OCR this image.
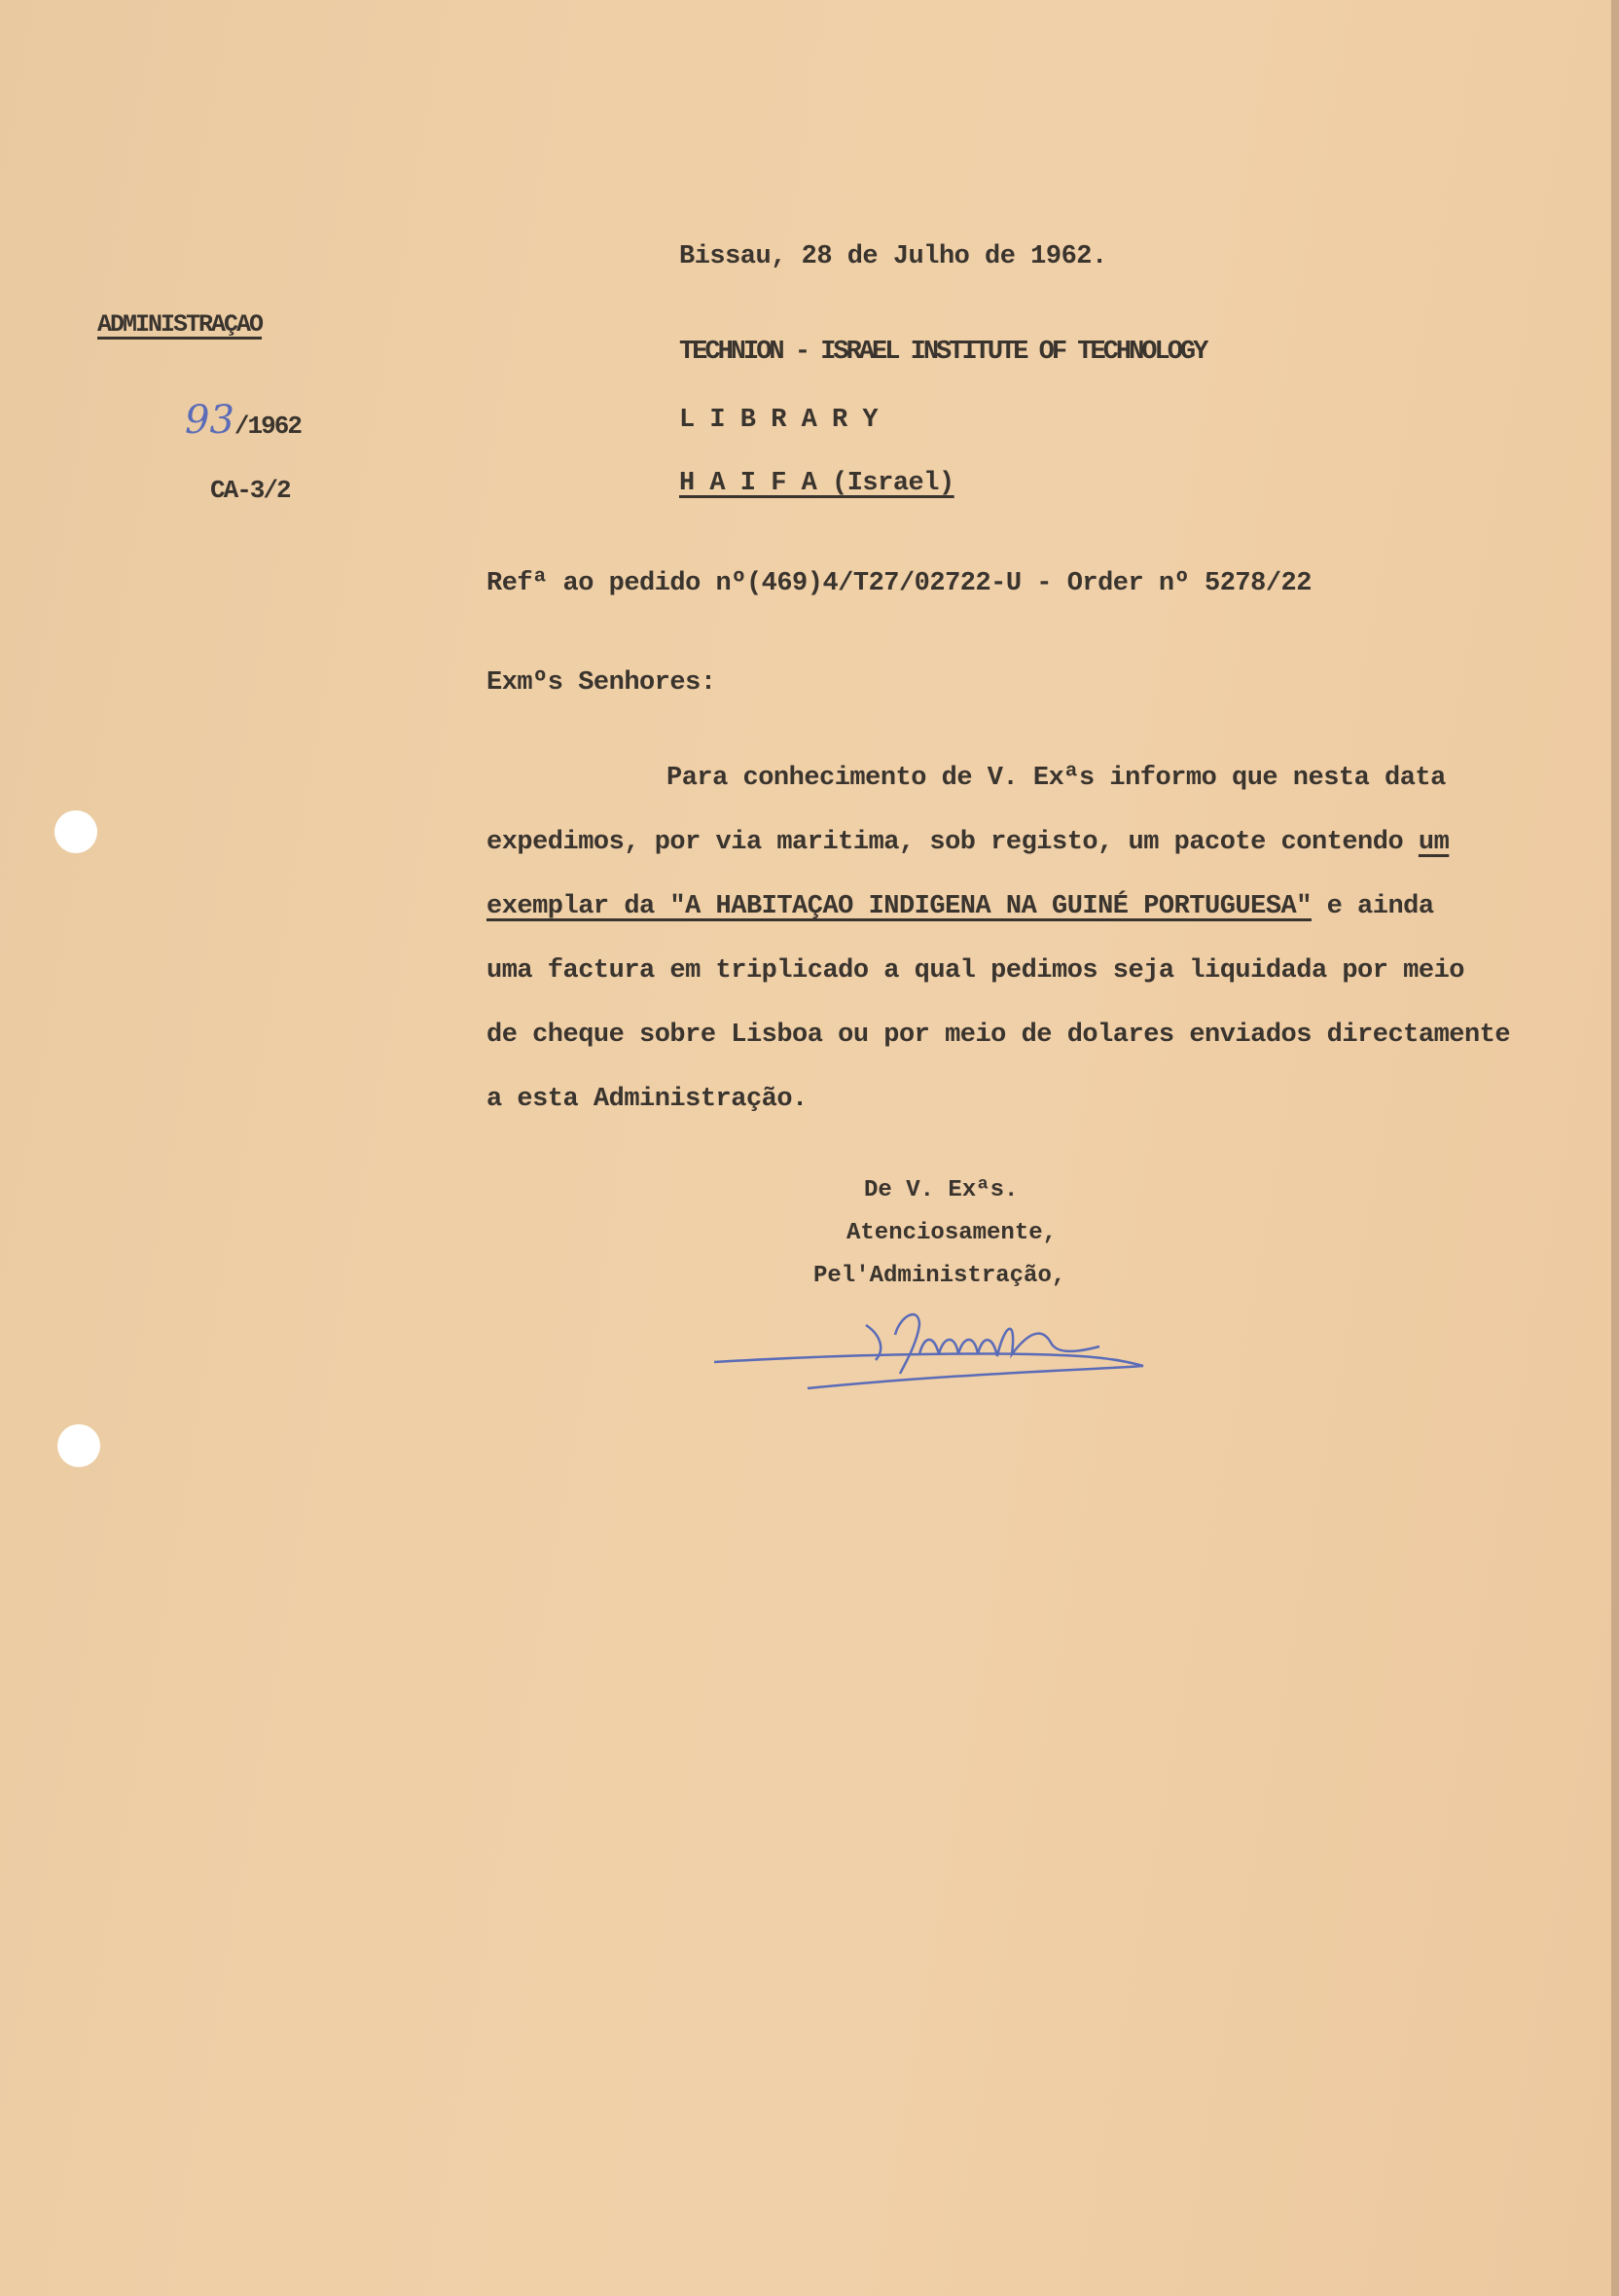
Bissau, 28 de Julho de 1962.
ADMINISTRAÇAO
93/1962
CA-3/2
TECHNION - ISRAEL INSTITUTE OF TECHNOLOGY
L I B R A R Y
H A I F A (Israel)
Refª ao pedido nº(469)4/T27/02722-U - Order nº 5278/22
Exmºs Senhores:
Para conhecimento de V. Exªs informo que nesta data
expedimos, por via maritima, sob registo, um pacote contendo um
exemplar da "A HABITAÇAO INDIGENA NA GUINÉ PORTUGUESA" e ainda
uma factura em triplicado a qual pedimos seja liquidada por meio
de cheque sobre Lisboa ou por meio de dolares enviados directamente
a esta Administração.
De V. Exªs.
Atenciosamente,
Pel'Administração,
